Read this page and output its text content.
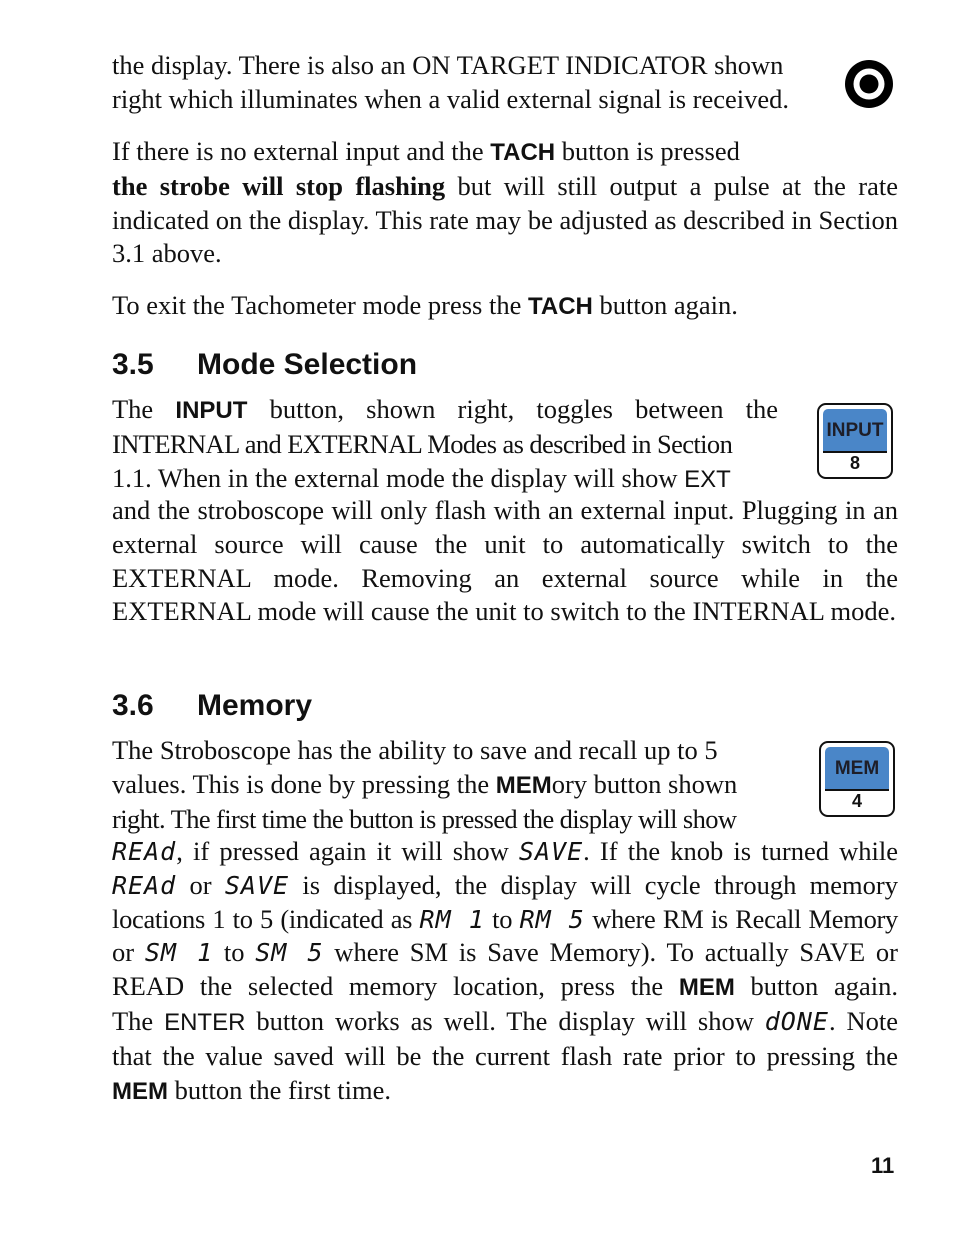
the display. There is also an ON TARGET INDICATOR shown
right which illuminates when a valid external signal is received.

If there is no external input and the TACH button is pressed
the strobe will stop flashing but will still output a pulse at the rate indicated on the display. This rate may be adjusted as described in Section 3.1 above.

To exit the Tachometer mode press the TACH button again.

3.5 Mode Selection

The INPUT button, shown right, toggles between the

INTERNAL and EXTERNAL Modes as described in Section

1.1. When in the external mode the display will show EXT

and the stroboscope will only flash with an external input. Plugging in an external source will cause the unit to automatically switch to the EXTERNAL mode. Removing an external source while in the EXTERNAL mode will cause the unit to switch to the INTERNAL mode.

INPUT
8
3.6 Memory

The Stroboscope has the ability to save and recall up to 5

values. This is done by pressing the MEMory button shown

right. The first time the button is pressed the display will show

REAd, if pressed again it will show SAVE. If the knob is turned while

REAd or SAVE is displayed, the display will cycle through memory

locations 1 to 5 (indicated as RM 1 to RM 5 where RM is Recall Memory

or SM 1 to SM 5 where SM is Save Memory). To actually SAVE or

READ the selected memory location, press the MEM button again.

The ENTER button works as well. The display will show dONE. Note

that the value saved will be the current flash rate prior to pressing the

MEM button the first time.

MEM
4
11
